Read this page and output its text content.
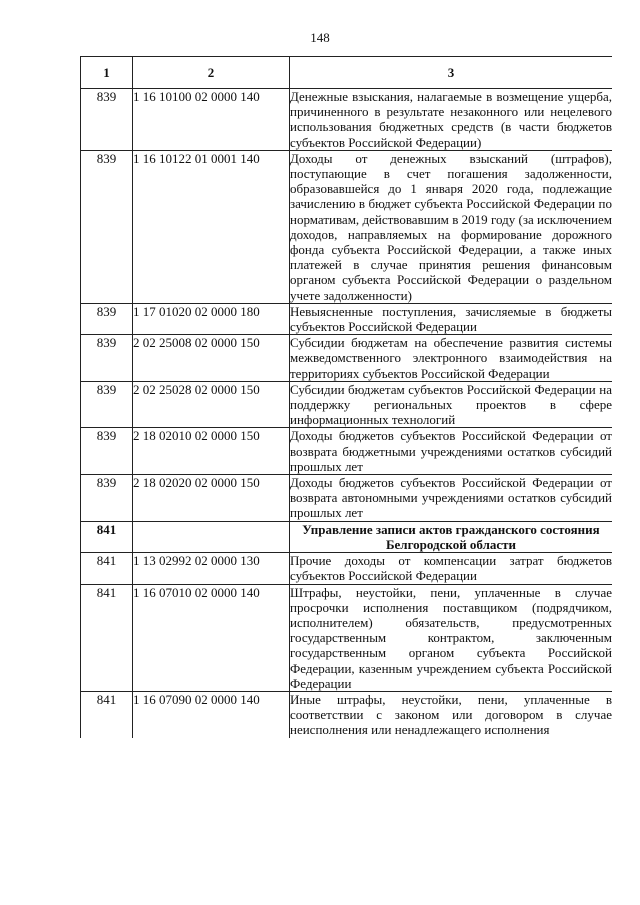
148
1	2	3
839	1 16 10100 02 0000 140	Денежные взыскания, налагаемые в возмещение ущерба, причиненного в результате незаконного или нецелевого использования бюджетных средств (в части бюджетов субъектов Российской Федерации)
839	1 16 10122 01 0001 140	Доходы от денежных взысканий (штрафов), поступающие в счет погашения задолженности, образовавшейся до 1 января 2020 года, подлежащие зачислению в бюджет субъекта Российской Федерации по нормативам, действовавшим в 2019 году (за исключением доходов, направляемых на формирование дорожного фонда субъекта Российской Федерации, а также иных платежей в случае принятия решения финансовым органом субъекта Российской Федерации о раздельном учете задолженности)
839	1 17 01020 02 0000 180	Невыясненные поступления, зачисляемые в бюджеты субъектов Российской Федерации
839	2 02 25008 02 0000 150	Субсидии бюджетам на обеспечение развития системы межведомственного электронного взаимодействия на территориях субъектов Российской Федерации
839	2 02 25028 02 0000 150	Субсидии бюджетам субъектов Российской Федерации на поддержку региональных проектов в сфере информационных технологий
839	2 18 02010 02 0000 150	Доходы бюджетов субъектов Российской Федерации от возврата бюджетными учреждениями остатков субсидий прошлых лет
839	2 18 02020 02 0000 150	Доходы бюджетов субъектов Российской Федерации от возврата автономными учреждениями остатков субсидий прошлых лет
841		Управление записи актов гражданского состояния Белгородской области
841	1 13 02992 02 0000 130	Прочие доходы от компенсации затрат бюджетов субъектов Российской Федерации
841	1 16 07010 02 0000 140	Штрафы, неустойки, пени, уплаченные в случае просрочки исполнения поставщиком (подрядчиком, исполнителем) обязательств, предусмотренных государственным контрактом, заключенным государственным органом субъекта Российской Федерации, казенным учреждением субъекта Российской Федерации
841	1 16 07090 02 0000 140	Иные штрафы, неустойки, пени, уплаченные в соответствии с законом или договором в случае неисполнения или ненадлежащего исполнения
